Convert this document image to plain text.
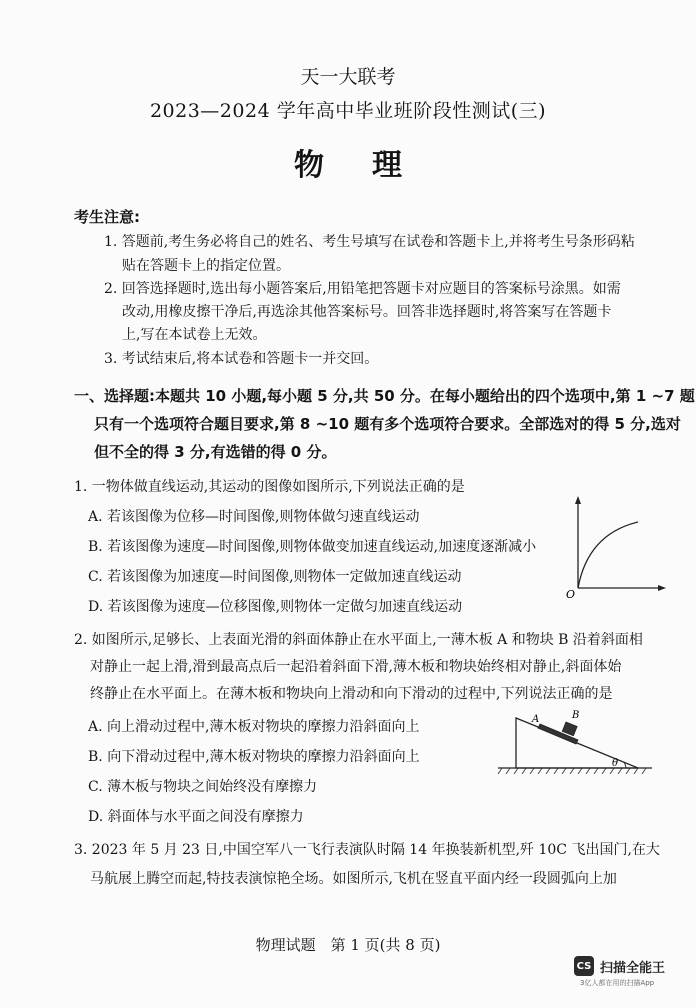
天一大联考
2023—2024 学年高中毕业班阶段性测试(三)
物 理
考生注意:
1. 答题前,考生务必将自己的姓名、考生号填写在试卷和答题卡上,并将考生号条形码粘
贴在答题卡上的指定位置。
2. 回答选择题时,选出每小题答案后,用铅笔把答题卡对应题目的答案标号涂黑。如需
改动,用橡皮擦干净后,再选涂其他答案标号。回答非选择题时,将答案写在答题卡
上,写在本试卷上无效。
3. 考试结束后,将本试卷和答题卡一并交回。
一、选择题:本题共 10 小题,每小题 5 分,共 50 分。在每小题给出的四个选项中,第 1 ~7 题
只有一个选项符合题目要求,第 8 ~10 题有多个选项符合要求。全部选对的得 5 分,选对
但不全的得 3 分,有选错的得 0 分。
1. 一物体做直线运动,其运动的图像如图所示,下列说法正确的是
A. 若该图像为位移—时间图像,则物体做匀速直线运动
B. 若该图像为速度—时间图像,则物体做变加速直线运动,加速度逐渐减小
C. 若该图像为加速度—时间图像,则物体一定做加速直线运动
D. 若该图像为速度—位移图像,则物体一定做匀加速直线运动
O
2. 如图所示,足够长、上表面光滑的斜面体静止在水平面上,一薄木板 A 和物块 B 沿着斜面相
对静止一起上滑,滑到最高点后一起沿着斜面下滑,薄木板和物块始终相对静止,斜面体始
终静止在水平面上。在薄木板和物块向上滑动和向下滑动的过程中,下列说法正确的是
A. 向上滑动过程中,薄木板对物块的摩擦力沿斜面向上
B. 向下滑动过程中,薄木板对物块的摩擦力沿斜面向上
C. 薄木板与物块之间始终没有摩擦力
D. 斜面体与水平面之间没有摩擦力
A	B
θ
3. 2023 年 5 月 23 日,中国空军八一飞行表演队时隔 14 年换装新机型,歼 10C 飞出国门,在大
马航展上腾空而起,特技表演惊艳全场。如图所示,飞机在竖直平面内经一段圆弧向上加
物理试题　第 1 页(共 8 页)
CS 扫描全能王
3亿人都在用的扫描App
